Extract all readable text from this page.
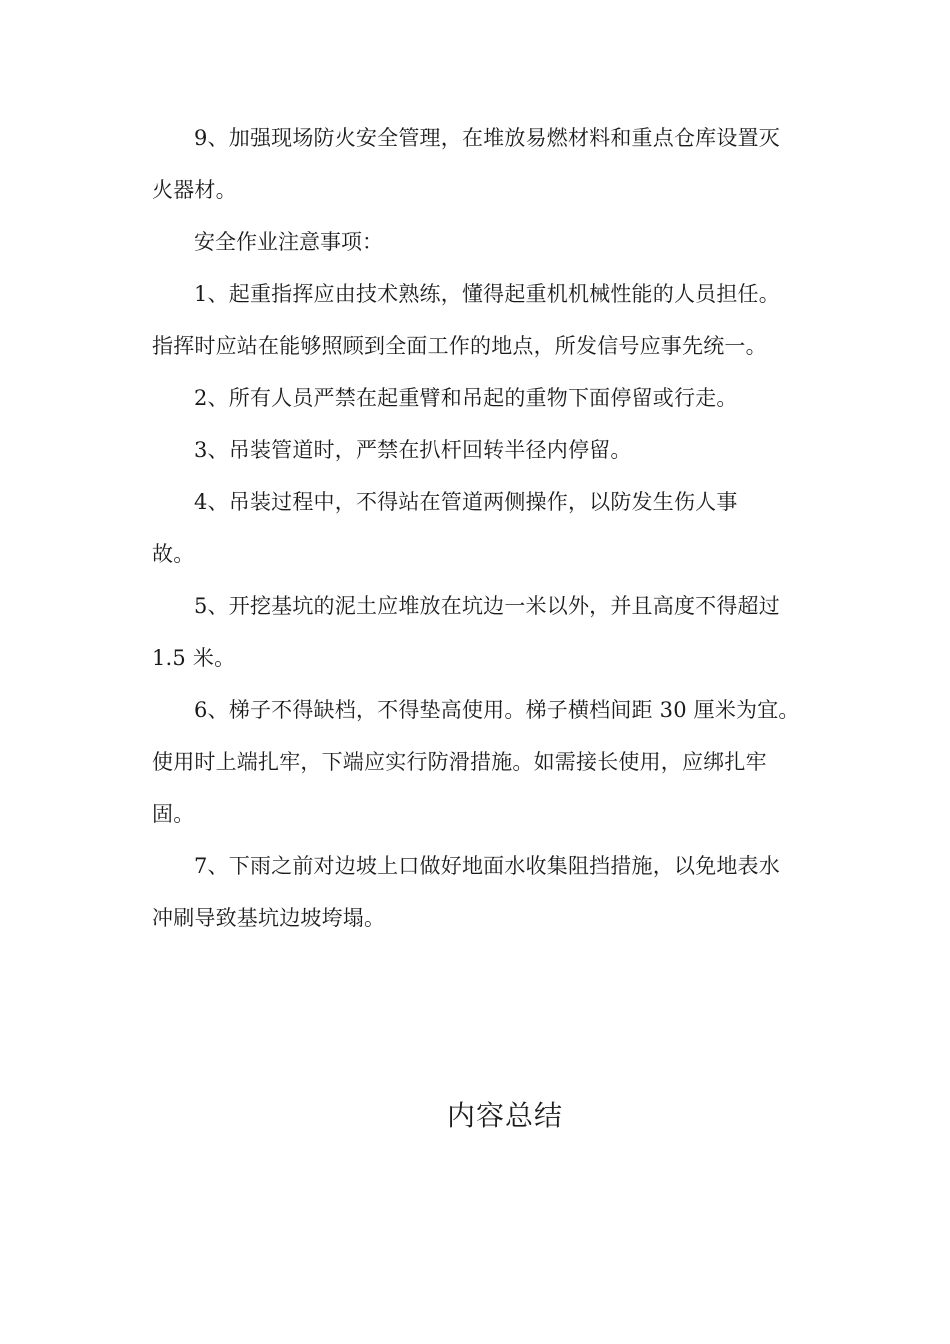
9、加强现场防火安全管理，在堆放易燃材料和重点仓库设置灭火器材。

安全作业注意事项：

1、起重指挥应由技术熟练，懂得起重机机械性能的人员担任。指挥时应站在能够照顾到全面工作的地点，所发信号应事先统一。

2、所有人员严禁在起重臂和吊起的重物下面停留或行走。

3、吊装管道时，严禁在扒杆回转半径内停留。

4、吊装过程中，不得站在管道两侧操作，以防发生伤人事故。

5、开挖基坑的泥土应堆放在坑边一米以外，并且高度不得超过 1.5 米。

6、梯子不得缺档，不得垫高使用。梯子横档间距 30 厘米为宜。使用时上端扎牢，下端应实行防滑措施。如需接长使用，应绑扎牢固。

7、下雨之前对边坡上口做好地面水收集阻挡措施，以免地表水冲刷导致基坑边坡垮塌。

内容总结
